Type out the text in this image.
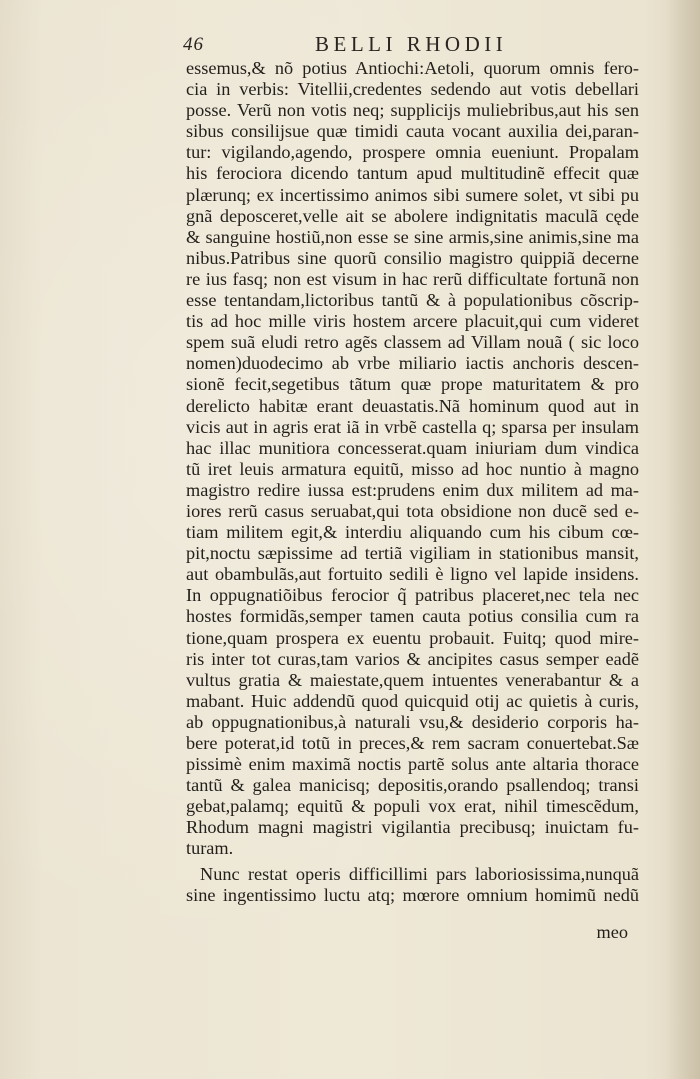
46	BELLI RHODII
essemus,& nõ potius Antiochi:Aetoli, quorum omnis fero-
cia in verbis: Vitellii,credentes sedendo aut votis debellari
posse. Verũ non votis neq; supplicijs muliebribus,aut his sen
sibus consilijsue quæ timidi cauta vocant auxilia dei,paran-
tur: vigilando,agendo, prospere omnia eueniunt. Propalam
his ferociora dicendo tantum apud multitudinẽ effecit quæ
plærunq; ex incertissimo animos sibi sumere solet, vt sibi pu
gnã deposceret,velle ait se abolere indignitatis maculã cędе
& sanguine hostiũ,non esse se sine armis,sine animis,sine ma
nibus.Patribus sine quorũ consilio magistro quippiã decerne
re ius fasq; non est visum in hac rerũ difficultate fortunã non
esse tentandam,lictoribus tantũ & à populationibus cõscrip-
tis ad hoc mille viris hostem arcere placuit,qui cum videret
spem suã eludi retro agẽs classem ad Villam nouã ( sic loco
nomen)duodecimo ab vrbe miliario iactis anchoris descen-
sionẽ fecit,segetibus tãtum quæ prope maturitatem & pro
derelicto habitæ erant deuastatis.Nã hominum quod aut in
vicis aut in agris erat iã in vrbẽ castella q; sparsa per insulam
hac illac munitiora concesserat.quam iniuriam dum vindica
tũ iret leuis armatura equitũ, misso ad hoc nuntio à magno
magistro redire iussa est:prudens enim dux militem ad ma-
iores rerũ casus seruabat,qui tota obsidione non ducẽ sed e-
tiam militem egit,& interdiu aliquando cum his cibum cœ-
pit,noctu sæpissime ad tertiã vigiliam in stationibus mansit,
aut obambulãs,aut fortuito sedili è ligno vel lapide insidens.
In oppugnatiõibus ferocior q̃ patribus placeret,nec tela nec
hostes formidãs,semper tamen cauta potius consilia cum ra
tione,quam prospera ex euentu probauit. Fuitq; quod mire-
ris inter tot curas,tam varios & ancipites casus semper eadẽ
vultus gratia & maiestate,quem intuentes venerabantur & a
mabant. Huic addendũ quod quicquid otij ac quietis à curis,
ab oppugnationibus,à naturali vsu,& desiderio corporis ha-
bere poterat,id totũ in preces,& rem sacram conuertebat.Sæ
pissimè enim maximã noctis partẽ solus ante altaria thorace
tantũ & galea manicisq; depositis,orando psallendoq; transi
gebat,palamq; equitũ & populi vox erat, nihil timescẽdum,
Rhodum magni magistri vigilantia precibusq; inuictam fu-
turam.
Nunc restat operis difficillimi pars laboriosissima,nunquã
sine ingentissimo luctu atq; mœrore omnium homimũ nedũ
meo
